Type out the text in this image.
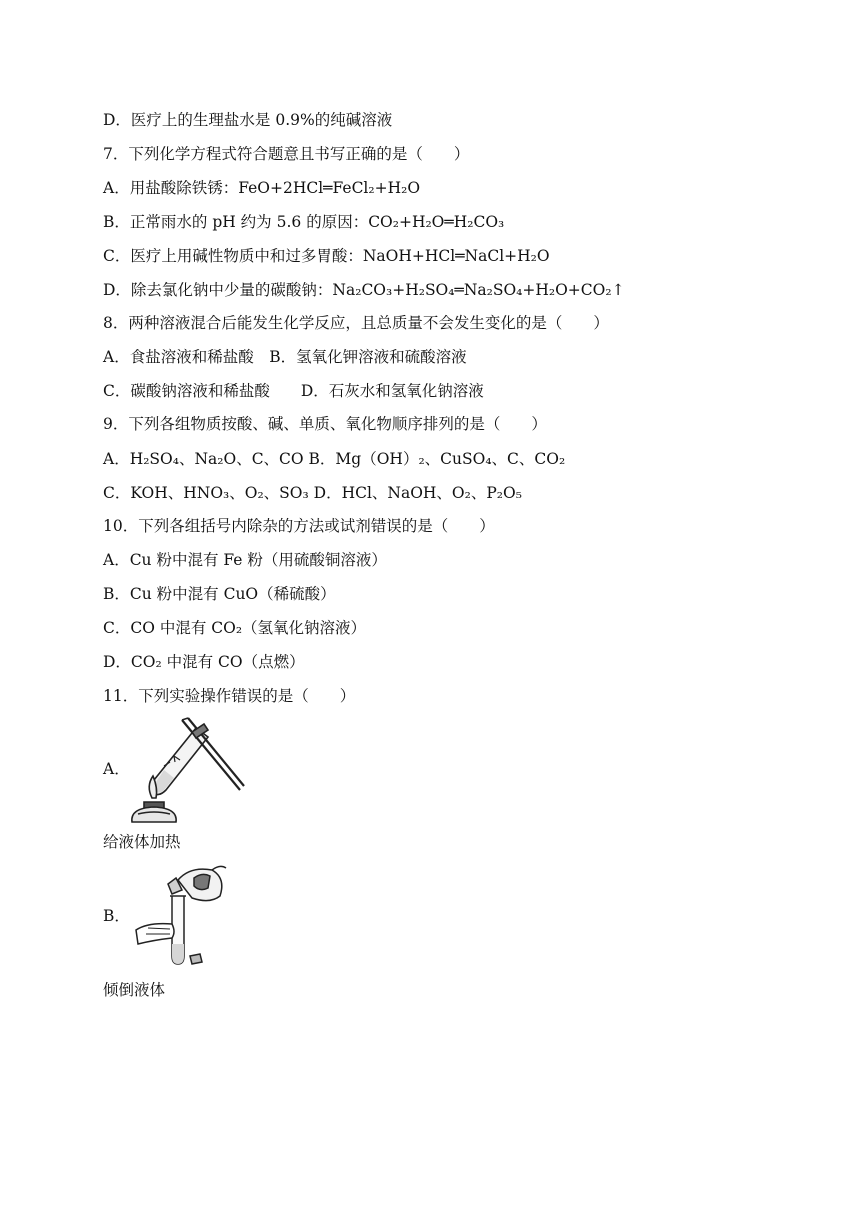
D．医疗上的生理盐水是 0.9%的纯碱溶液
7．下列化学方程式符合题意且书写正确的是（　　）
A．用盐酸除铁锈：FeO+2HCl═FeCl₂+H₂O
B．正常雨水的 pH 约为 5.6 的原因：CO₂+H₂O═H₂CO₃
C．医疗上用碱性物质中和过多胃酸：NaOH+HCl═NaCl+H₂O
D．除去氯化钠中少量的碳酸钠：Na₂CO₃+H₂SO₄═Na₂SO₄+H₂O+CO₂↑
8．两种溶液混合后能发生化学反应，且总质量不会发生变化的是（　　）
A．食盐溶液和稀盐酸　B．氢氧化钾溶液和硫酸溶液
C．碳酸钠溶液和稀盐酸　　D．石灰水和氢氧化钠溶液
9．下列各组物质按酸、碱、单质、氧化物顺序排列的是（　　）
A．H₂SO₄、Na₂O、C、CO B．Mg（OH）₂、CuSO₄、C、CO₂
C．KOH、HNO₃、O₂、SO₃ D．HCl、NaOH、O₂、P₂O₅
10．下列各组括号内除杂的方法或试剂错误的是（　　）
A．Cu 粉中混有 Fe 粉（用硫酸铜溶液）
B．Cu 粉中混有 CuO（稀硫酸）
C．CO 中混有 CO₂（氢氧化钠溶液）
D．CO₂ 中混有 CO（点燃）
11．下列实验操作错误的是（　　）
A．
给液体加热
B．
倾倒液体
